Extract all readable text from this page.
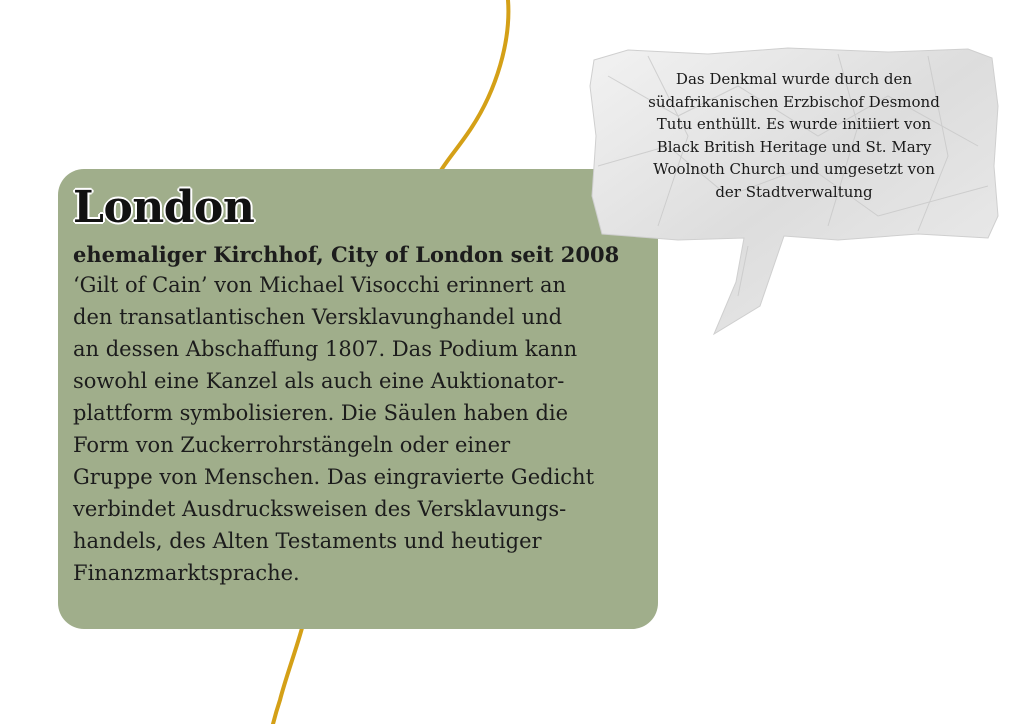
London
ehemaliger Kirchhof, City of London seit 2008
‘Gilt of Cain’ von Michael Visocchi erinnert an
den transatlantischen Versklavunghandel und
an dessen Abschaffung 1807. Das Podium kann
sowohl eine Kanzel als auch eine Auktionator-
plattform symbolisieren. Die Säulen haben die
Form von Zuckerrohrstängeln oder einer
Gruppe von Menschen. Das eingravierte Gedicht
verbindet Ausdrucksweisen des Versklavungs-
handels, des Alten Testaments und heutiger
Finanzmarktsprache.
Das Denkmal wurde durch den
südafrikanischen Erzbischof Desmond
Tutu enthüllt. Es wurde initiiert von
Black British Heritage und St. Mary
Woolnoth Church und umgesetzt von
der Stadtverwaltung
